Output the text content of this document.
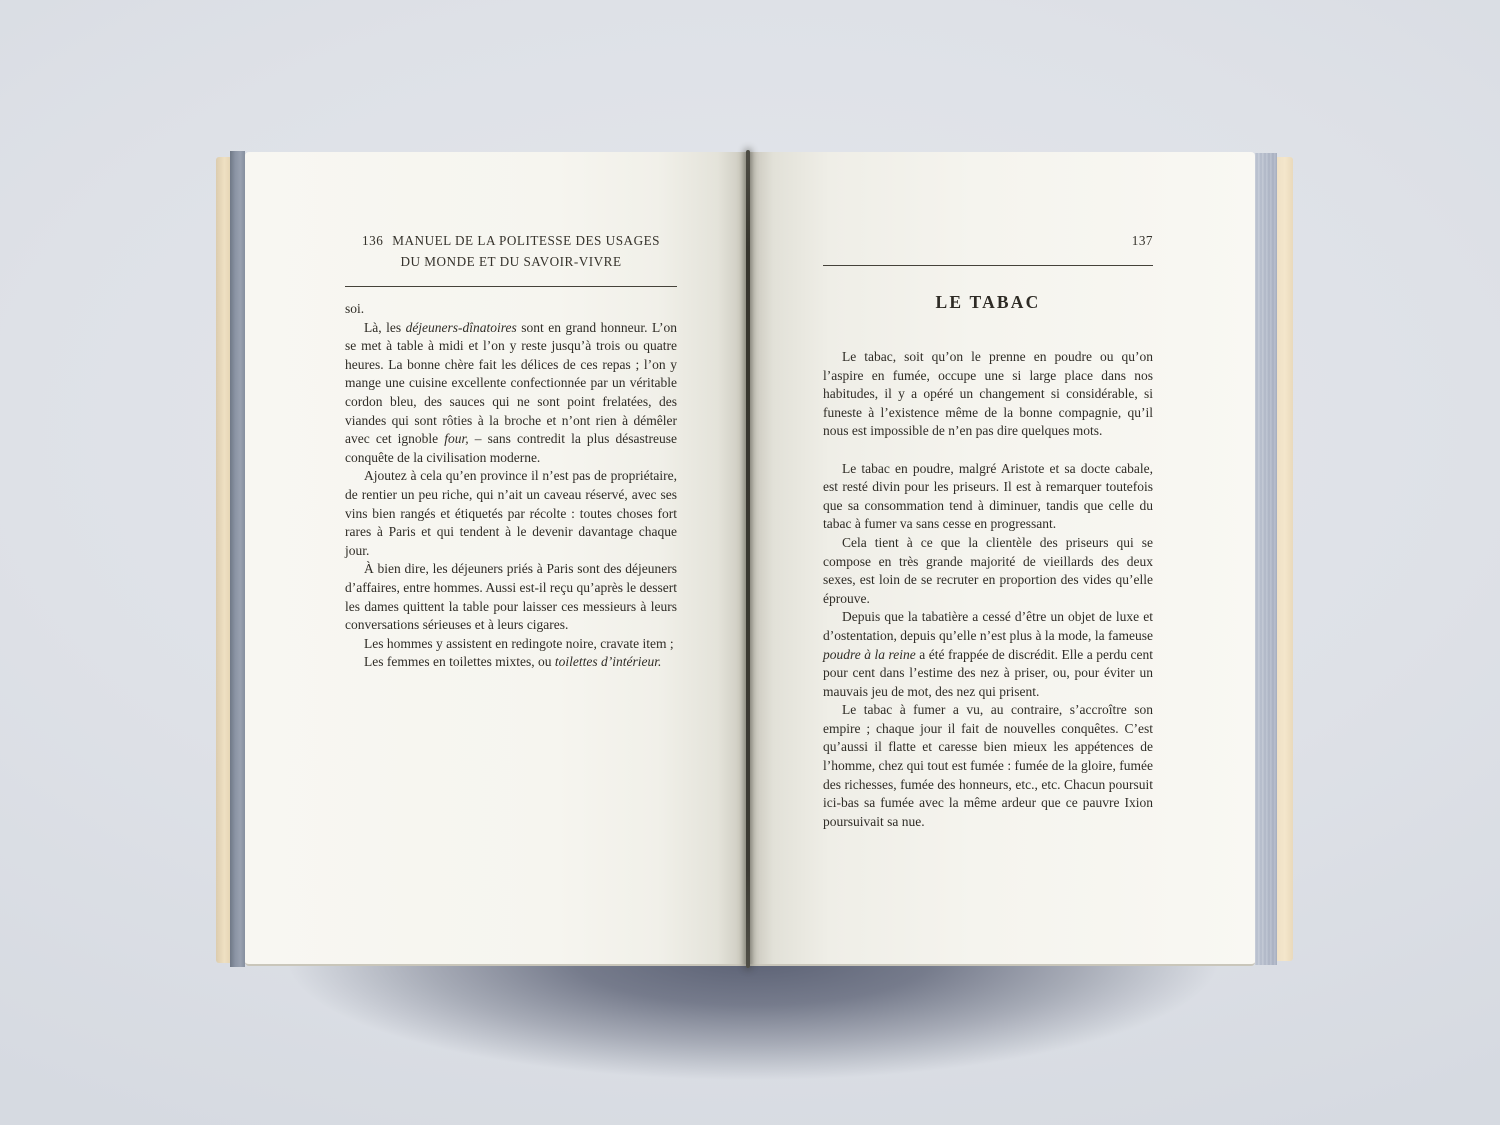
136 MANUEL DE LA POLITESSE DES USAGES
DU MONDE ET DU SAVOIR-VIVRE

soi.

Là, les déjeuners-dînatoires sont en grand honneur. L’on se met à table à midi et l’on y reste jusqu’à trois ou quatre heures. La bonne chère fait les délices de ces repas ; l’on y mange une cuisine excellente confectionnée par un véritable cordon bleu, des sauces qui ne sont point frelatées, des viandes qui sont rôties à la broche et n’ont rien à démêler avec cet ignoble four, – sans contredit la plus désastreuse conquête de la civilisation moderne.

Ajoutez à cela qu’en province il n’est pas de propriétaire, de rentier un peu riche, qui n’ait un caveau réservé, avec ses vins bien rangés et étiquetés par récolte : toutes choses fort rares à Paris et qui tendent à le devenir davantage chaque jour.

À bien dire, les déjeuners priés à Paris sont des déjeuners d’affaires, entre hommes. Aussi est-il reçu qu’après le dessert les dames quittent la table pour laisser ces messieurs à leurs conversations sérieuses et à leurs cigares.

Les hommes y assistent en redingote noire, cravate item ;

Les femmes en toilettes mixtes, ou toilettes d’intérieur.

137
LE TABAC

Le tabac, soit qu’on le prenne en poudre ou qu’on l’aspire en fumée, occupe une si large place dans nos habitudes, il y a opéré un changement si considérable, si funeste à l’existence même de la bonne compagnie, qu’il nous est impossible de n’en pas dire quelques mots.

Le tabac en poudre, malgré Aristote et sa docte cabale, est resté divin pour les priseurs. Il est à remarquer toutefois que sa consommation tend à diminuer, tandis que celle du tabac à fumer va sans cesse en progressant.

Cela tient à ce que la clientèle des priseurs qui se compose en très grande majorité de vieillards des deux sexes, est loin de se recruter en proportion des vides qu’elle éprouve.

Depuis que la tabatière a cessé d’être un objet de luxe et d’ostentation, depuis qu’elle n’est plus à la mode, la fameuse poudre à la reine a été frappée de discrédit. Elle a perdu cent pour cent dans l’estime des nez à priser, ou, pour éviter un mauvais jeu de mot, des nez qui prisent.

Le tabac à fumer a vu, au contraire, s’accroître son empire ; chaque jour il fait de nouvelles conquêtes. C’est qu’aussi il flatte et caresse bien mieux les appétences de l’homme, chez qui tout est fumée : fumée de la gloire, fumée des richesses, fumée des honneurs, etc., etc. Chacun poursuit ici-bas sa fumée avec la même ardeur que ce pauvre Ixion poursuivait sa nue.
